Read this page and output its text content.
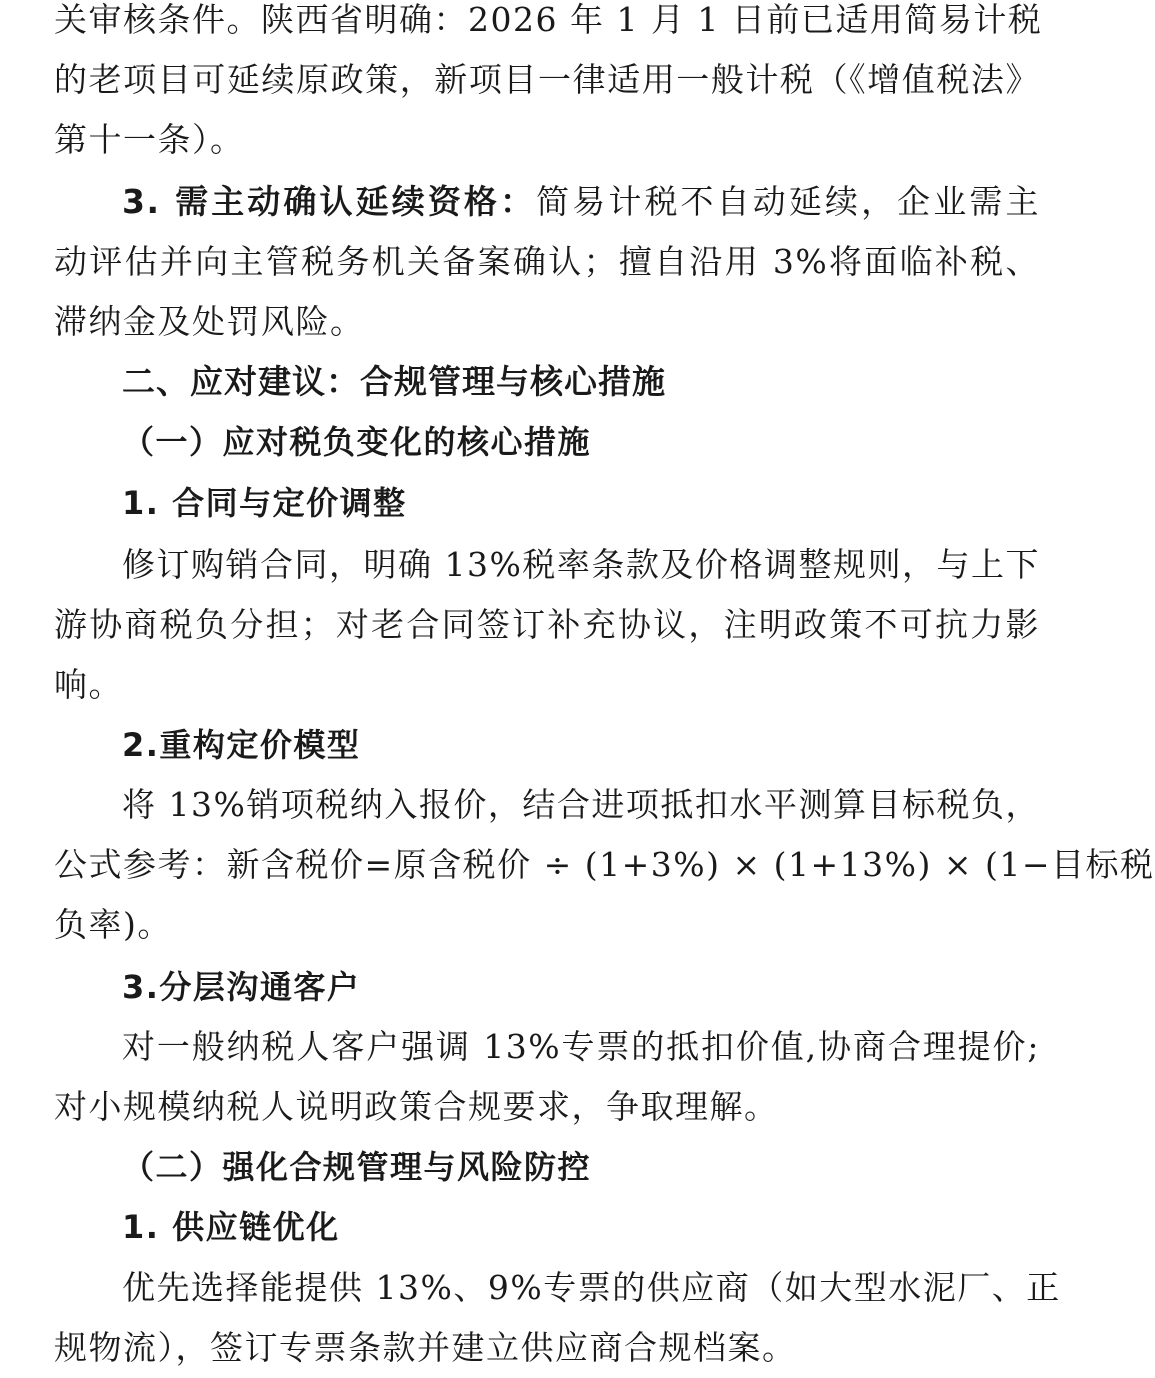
关审核条件。陕西省明确：2026 年 1 月 1 日前已适用简易计税
的老项目可延续原政策，新项目一律适用一般计税（《增值税法》
第十一条）。
3. 需主动确认延续资格：简易计税不自动延续，企业需主
动评估并向主管税务机关备案确认；擅自沿用 3%将面临补税、
滞纳金及处罚风险。
二、应对建议：合规管理与核心措施
（一）应对税负变化的核心措施
1. 合同与定价调整
修订购销合同，明确 13%税率条款及价格调整规则，与上下
游协商税负分担；对老合同签订补充协议，注明政策不可抗力影
响。
2.重构定价模型
将 13%销项税纳入报价，结合进项抵扣水平测算目标税负，
公式参考：新含税价=原含税价 ÷ (1+3%) × (1+13%) × (1−目标税
负率)。
3.分层沟通客户
对一般纳税人客户强调 13%专票的抵扣价值,协商合理提价;
对小规模纳税人说明政策合规要求，争取理解。
（二）强化合规管理与风险防控
1. 供应链优化
优先选择能提供 13%、9%专票的供应商（如大型水泥厂、正
规物流），签订专票条款并建立供应商合规档案。
